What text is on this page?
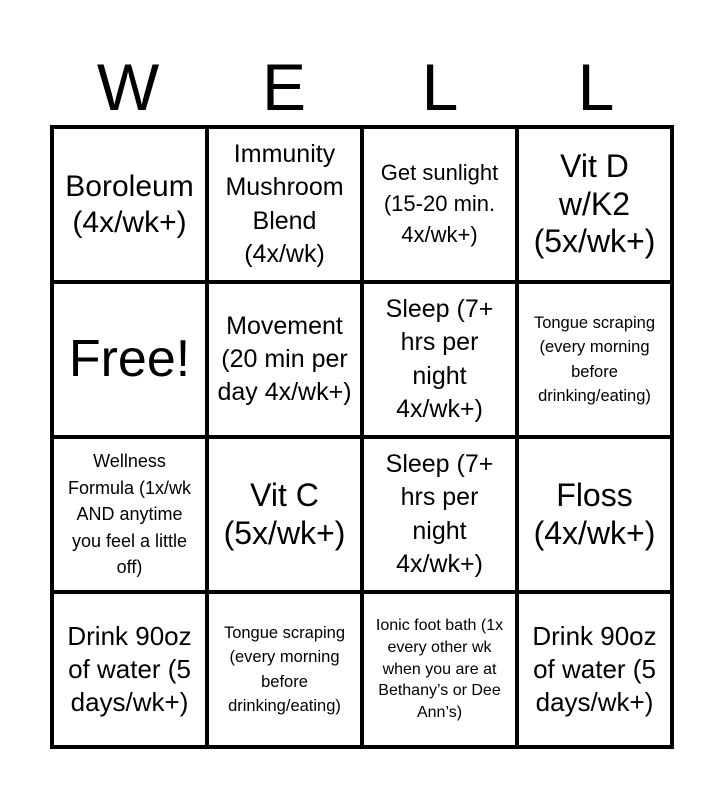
W	E	L	L
Boroleum (4x/wk+)
Immunity Mushroom Blend (4x/wk)
Get sunlight (15-20 min. 4x/wk+)
Vit D w/K2 (5x/wk+)
Free!
Movement (20 min per day 4x/wk+)
Sleep (7+ hrs per night 4x/wk+)
Tongue scraping (every morning before drinking/eating)
Wellness Formula (1x/wk AND anytime you feel a little off)
Vit C (5x/wk+)
Sleep (7+ hrs per night 4x/wk+)
Floss (4x/wk+)
Drink 90oz of water (5 days/wk+)
Tongue scraping (every morning before drinking/eating)
Ionic foot bath (1x every other wk when you are at Bethany’s or Dee Ann’s)
Drink 90oz of water (5 days/wk+)
